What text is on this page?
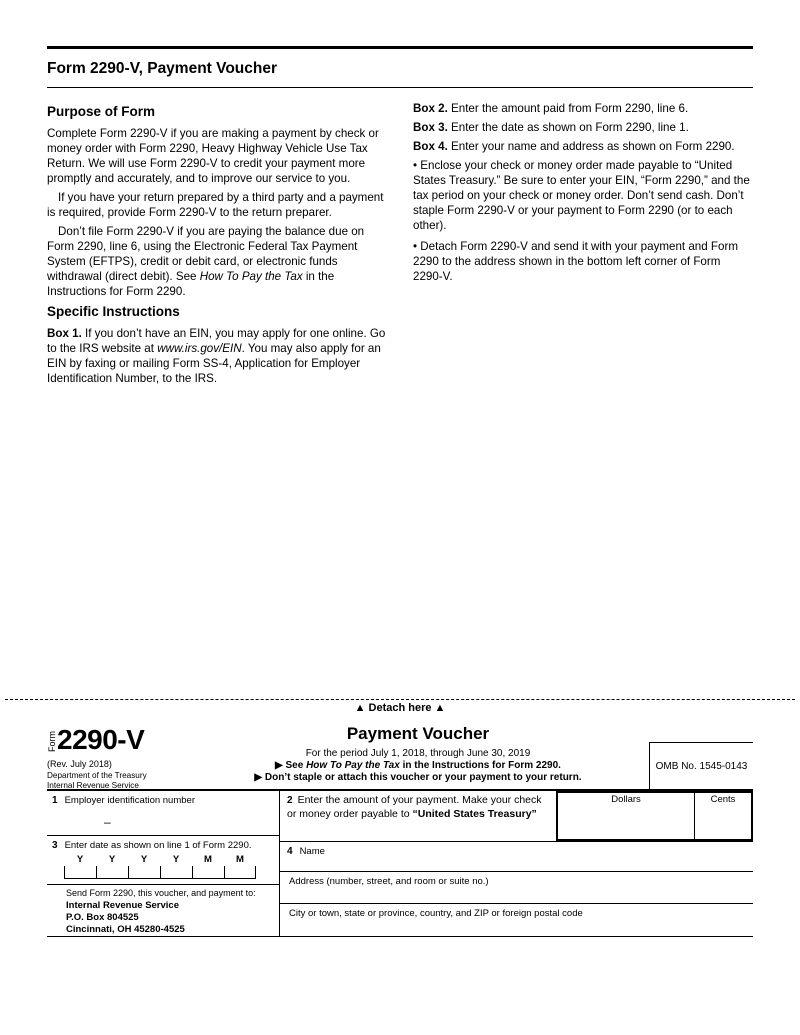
Form 2290-V, Payment Voucher
Purpose of Form

Complete Form 2290-V if you are making a payment by check or money order with Form 2290, Heavy Highway Vehicle Use Tax Return. We will use Form 2290-V to credit your payment more promptly and accurately, and to improve our service to you.

If you have your return prepared by a third party and a payment is required, provide Form 2290-V to the return preparer.

Don’t file Form 2290-V if you are paying the balance due on Form 2290, line 6, using the Electronic Federal Tax Payment System (EFTPS), credit or debit card, or electronic funds withdrawal (direct debit). See How To Pay the Tax in the Instructions for Form 2290.

Specific Instructions

Box 1. If you don’t have an EIN, you may apply for one online. Go to the IRS website at www.irs.gov/EIN. You may also apply for an EIN by faxing or mailing Form SS-4, Application for Employer Identification Number, to the IRS.

Box 2. Enter the amount paid from Form 2290, line 6.

Box 3. Enter the date as shown on Form 2290, line 1.

Box 4. Enter your name and address as shown on Form 2290.

• Enclose your check or money order made payable to “United States Treasury.” Be sure to enter your EIN, “Form 2290,” and the tax period on your check or money order. Don’t send cash. Don’t staple Form 2290-V or your payment to Form 2290 (or to each other).

• Detach Form 2290-V and send it with your payment and Form 2290 to the address shown in the bottom left corner of Form 2290-V.

▲ Detach here ▲
Form 2290-V
(Rev. July 2018)
Department of the Treasury
Internal Revenue Service
Payment Voucher
For the period July 1, 2018, through June 30, 2019
▶ See How To Pay the Tax in the Instructions for Form 2290.
▶ Don’t staple or attach this voucher or your payment to your return.
OMB No. 1545-0143
1 Employer identification number
–
3 Enter date as shown on line 1 of Form 2290.
Y	Y	Y	Y	M	M
Send Form 2290, this voucher, and payment to:
Internal Revenue Service
P.O. Box 804525
Cincinnati, OH 45280-4525
2 Enter the amount of your payment. Make your check or money order payable to “United States Treasury”
Dollars	Cents
4 Name
Address (number, street, and room or suite no.)
City or town, state or province, country, and ZIP or foreign postal code
